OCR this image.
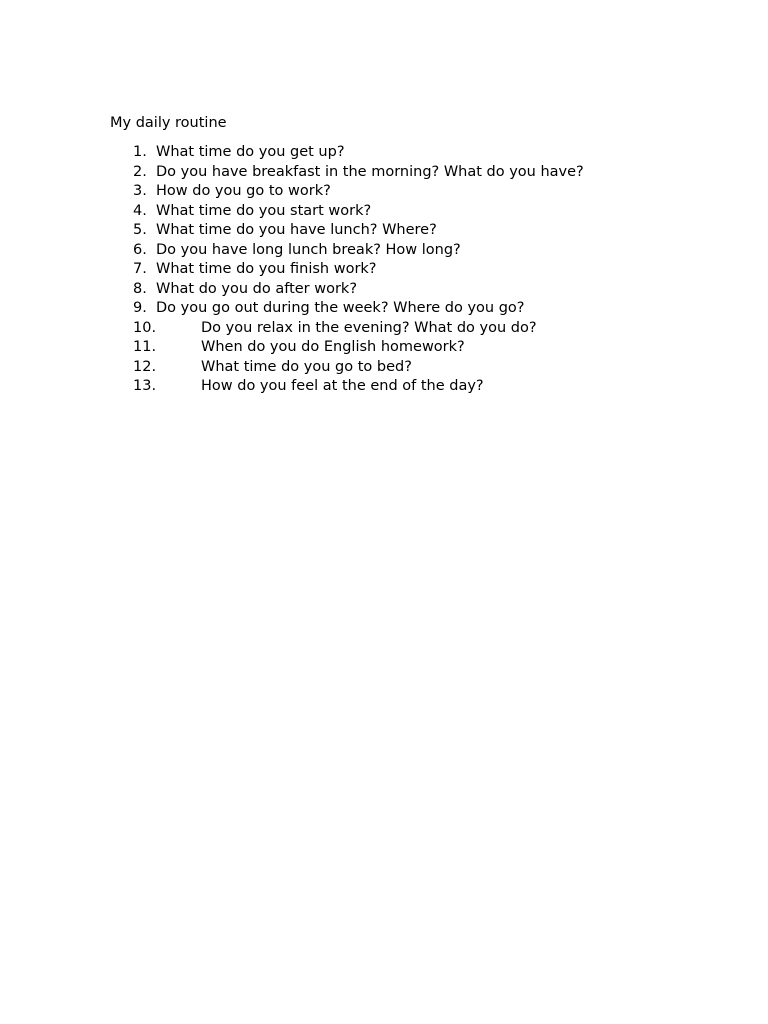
My daily routine
1. What time do you get up?
2. Do you have breakfast in the morning? What do you have?
3. How do you go to work?
4. What time do you start work?
5. What time do you have lunch? Where?
6. Do you have long lunch break? How long?
7. What time do you finish work?
8. What do you do after work?
9. Do you go out during the week? Where do you go?
10.	Do you relax in the evening? What do you do?
11.	When do you do English homework?
12.	What time do you go to bed?
13.	How do you feel at the end of the day?
